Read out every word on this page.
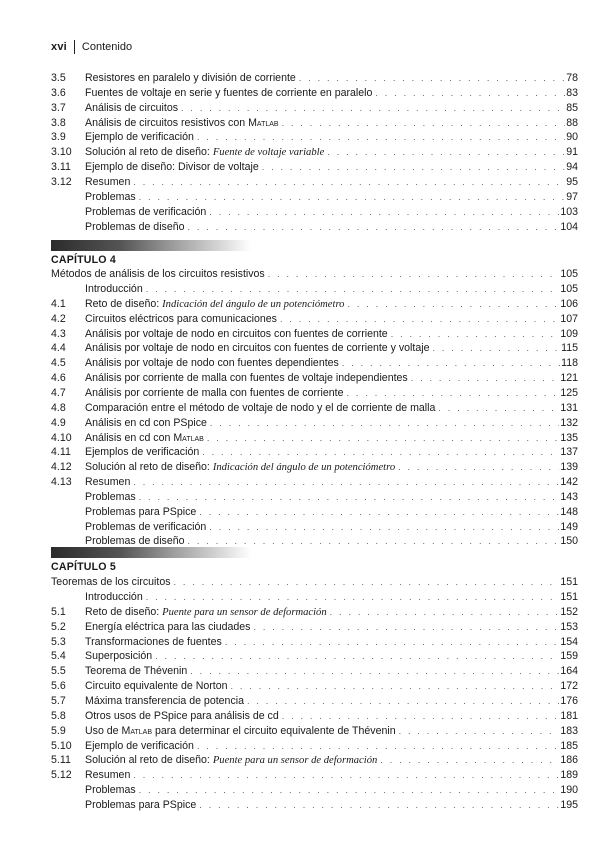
xvi Contenido
3.5	Resistores en paralelo y división de corriente . . .	78
3.6	Fuentes de voltaje en serie y fuentes de corriente en paralelo . . .	83
3.7	Análisis de circuitos . . .	85
3.8	Análisis de circuitos resistivos con Matlab . . .	88
3.9	Ejemplo de verificación . . .	90
3.10	Solución al reto de diseño: Fuente de voltaje variable . . .	91
3.11	Ejemplo de diseño: Divisor de voltaje . . .	94
3.12	Resumen . . .	95
Problemas . . .	97
Problemas de verificación . . .	103
Problemas de diseño . . .	104
CAPÍTULO 4
Métodos de análisis de los circuitos resistivos . . .	105
Introducción . . .	105
4.1	Reto de diseño: Indicación del ángulo de un potenciómetro . . .	106
4.2	Circuitos eléctricos para comunicaciones . . .	107
4.3	Análisis por voltaje de nodo en circuitos con fuentes de corriente . . .	109
4.4	Análisis por voltaje de nodo en circuitos con fuentes de corriente y voltaje . . .	115
4.5	Análisis por voltaje de nodo con fuentes dependientes . . .	118
4.6	Análisis por corriente de malla con fuentes de voltaje independientes . . .	121
4.7	Análisis por corriente de malla con fuentes de corriente . . .	125
4.8	Comparación entre el método de voltaje de nodo y el de corriente de malla . . .	131
4.9	Análisis en cd con PSpice . . .	132
4.10	Análisis en cd con Matlab . . .	135
4.11	Ejemplos de verificación . . .	137
4.12	Solución al reto de diseño: Indicación del ángulo de un potenciómetro . . .	139
4.13	Resumen . . .	142
Problemas . . .	143
Problemas para PSpice . . .	148
Problemas de verificación . . .	149
Problemas de diseño . . .	150
CAPÍTULO 5
Teoremas de los circuitos . . .	151
Introducción . . .	151
5.1	Reto de diseño: Puente para un sensor de deformación . . .	152
5.2	Energía eléctrica para las ciudades . . .	153
5.3	Transformaciones de fuentes . . .	154
5.4	Superposición . . .	159
5.5	Teorema de Thévenin . . .	164
5.6	Circuito equivalente de Norton . . .	172
5.7	Máxima transferencia de potencia . . .	176
5.8	Otros usos de PSpice para análisis de cd . . .	181
5.9	Uso de Matlab para determinar el circuito equivalente de Thévenin . . .	183
5.10	Ejemplo de verificación . . .	185
5.11	Solución al reto de diseño: Puente para un sensor de deformación . . .	186
5.12	Resumen . . .	189
Problemas . . .	190
Problemas para PSpice . . .	195
